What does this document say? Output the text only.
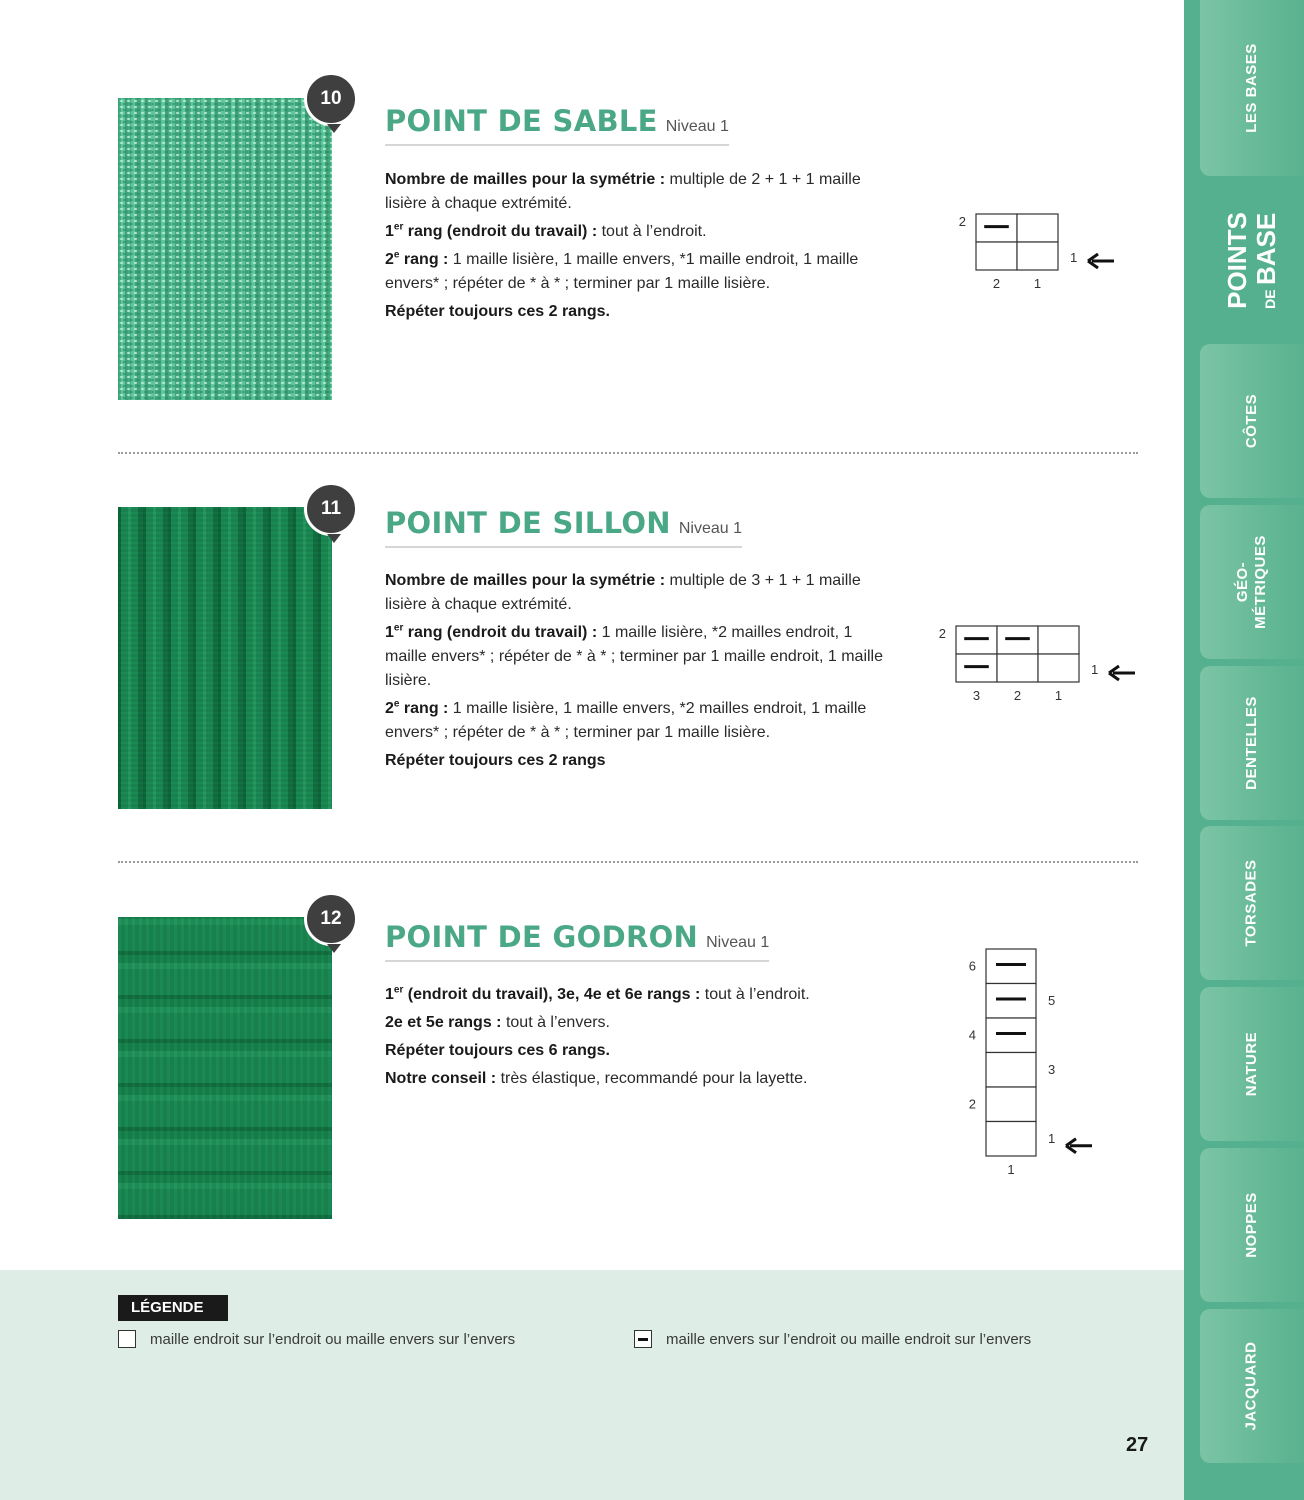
10
POINT DE SABLE Niveau 1

Nombre de mailles pour la symétrie : multiple de 2 + 1 + 1 maille lisière à chaque extrémité.

1er rang (endroit du travail) : tout à l’endroit.

2e rang : 1 maille lisière, 1 maille envers, *1 maille endroit, 1 maille envers* ; répéter de * à * ; terminer par 1 maille lisière.

Répéter toujours ces 2 rangs.

2	1
2
1
11	POINT DE SILLON Niveau 1

Nombre de mailles pour la symétrie : multiple de 3 + 1 + 1 maille lisière à chaque extrémité.

1er rang (endroit du travail) : 1 maille lisière, *2 mailles endroit, 1 maille envers* ; répéter de * à * ; terminer par 1 maille endroit, 1 maille lisière.

2e rang : 1 maille lisière, 1 maille envers, *2 mailles endroit, 1 maille envers* ; répéter de * à * ; terminer par 1 maille lisière.

Répéter toujours ces 2 rangs

3	2	1
2
1
12
POINT DE GODRON Niveau 1

1er (endroit du travail), 3e, 4e et 6e rangs : tout à l’endroit.

2e et 5e rangs : tout à l’envers.

Répéter toujours ces 6 rangs.

Notre conseil : très élastique, recommandé pour la layette.

1
6
4
2
5
3
1
LÉGENDE
maille endroit sur l’endroit ou maille envers sur l’envers	maille envers sur l’endroit ou maille endroit sur l’envers
27
LES BASES
POINTS DE BASE
CÔTES
GÉO-
MÉTRIQUES
DENTELLES
TORSADES
NATURE
NOPPES
JACQUARD
